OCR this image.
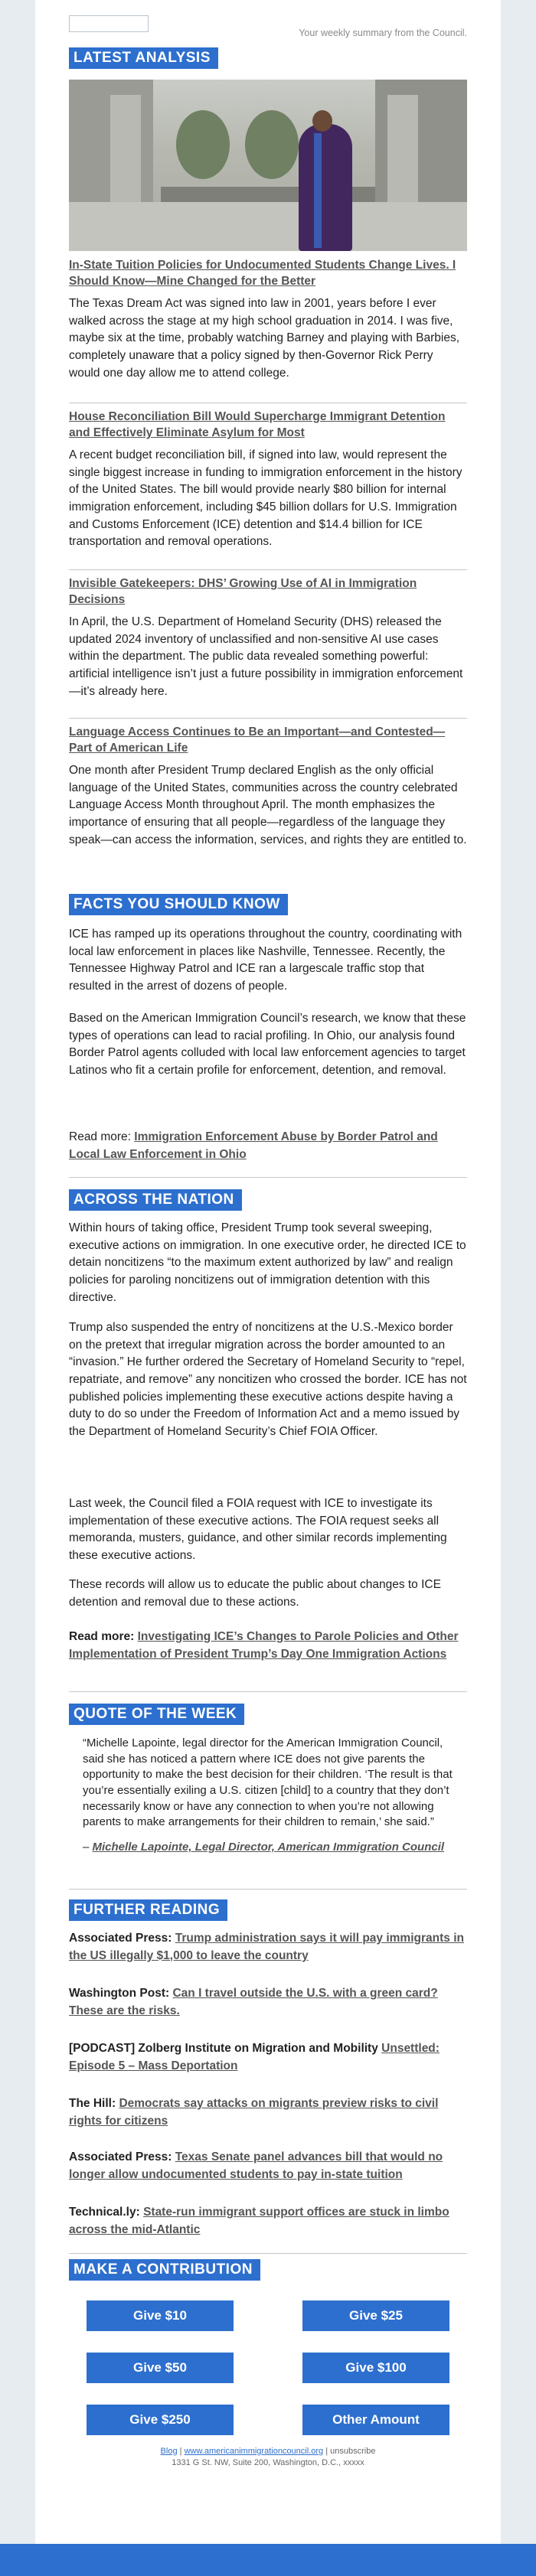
Your weekly summary from the Council.
LATEST ANALYSIS
In-State Tuition Policies for Undocumented Students Change Lives. I Should Know—Mine Changed for the Better
The Texas Dream Act was signed into law in 2001, years before I ever walked across the stage at my high school graduation in 2014. I was five, maybe six at the time, probably watching Barney and playing with Barbies, completely unaware that a policy signed by then-Governor Rick Perry would one day allow me to attend college.
House Reconciliation Bill Would Supercharge Immigrant Detention and Effectively Eliminate Asylum for Most
A recent budget reconciliation bill, if signed into law, would represent the single biggest increase in funding to immigration enforcement in the history of the United States. The bill would provide nearly $80 billion for internal immigration enforcement, including $45 billion dollars for U.S. Immigration and Customs Enforcement (ICE) detention and $14.4 billion for ICE transportation and removal operations.
Invisible Gatekeepers: DHS’ Growing Use of AI in Immigration Decisions
In April, the U.S. Department of Homeland Security (DHS) released the updated 2024 inventory of unclassified and non-sensitive AI use cases within the department. The public data revealed something powerful: artificial intelligence isn’t just a future possibility in immigration enforcement—it’s already here.
Language Access Continues to Be an Important—and Contested—Part of American Life
One month after President Trump declared English as the only official language of the United States, communities across the country celebrated Language Access Month throughout April. The month emphasizes the importance of ensuring that all people—regardless of the language they speak—can access the information, services, and rights they are entitled to.
FACTS YOU SHOULD KNOW
ICE has ramped up its operations throughout the country, coordinating with local law enforcement in places like Nashville, Tennessee. Recently, the Tennessee Highway Patrol and ICE ran a largescale traffic stop that resulted in the arrest of dozens of people.
Based on the American Immigration Council’s research, we know that these types of operations can lead to racial profiling. In Ohio, our analysis found Border Patrol agents colluded with local law enforcement agencies to target Latinos who fit a certain profile for enforcement, detention, and removal.
Read more: Immigration Enforcement Abuse by Border Patrol and Local Law Enforcement in Ohio
ACROSS THE NATION
Within hours of taking office, President Trump took several sweeping, executive actions on immigration. In one executive order, he directed ICE to detain noncitizens “to the maximum extent authorized by law” and realign policies for paroling noncitizens out of immigration detention with this directive.
Trump also suspended the entry of noncitizens at the U.S.-Mexico border on the pretext that irregular migration across the border amounted to an “invasion.” He further ordered the Secretary of Homeland Security to “repel, repatriate, and remove” any noncitizen who crossed the border. ICE has not published policies implementing these executive actions despite having a duty to do so under the Freedom of Information Act and a memo issued by the Department of Homeland Security’s Chief FOIA Officer.
Last week, the Council filed a FOIA request with ICE to investigate its implementation of these executive actions. The FOIA request seeks all memoranda, musters, guidance, and other similar records implementing these executive actions.
These records will allow us to educate the public about changes to ICE detention and removal due to these actions.
Read more: Investigating ICE’s Changes to Parole Policies and Other Implementation of President Trump’s Day One Immigration Actions
QUOTE OF THE WEEK
“Michelle Lapointe, legal director for the American Immigration Council, said she has noticed a pattern where ICE does not give parents the opportunity to make the best decision for their children. ‘The result is that you’re essentially exiling a U.S. citizen [child] to a country that they don’t necessarily know or have any connection to when you’re not allowing parents to make arrangements for their children to remain,’ she said.”
– Michelle Lapointe, Legal Director, American Immigration Council
FURTHER READING
Associated Press: Trump administration says it will pay immigrants in the US illegally $1,000 to leave the country
Washington Post: Can I travel outside the U.S. with a green card? These are the risks.
[PODCAST] Zolberg Institute on Migration and Mobility Unsettled: Episode 5 – Mass Deportation
The Hill: Democrats say attacks on migrants preview risks to civil rights for citizens
Associated Press: Texas Senate panel advances bill that would no longer allow undocumented students to pay in-state tuition
Technical.ly: State-run immigrant support offices are stuck in limbo across the mid-Atlantic
MAKE A CONTRIBUTION
Give $10	Give $25
Give $50	Give $100
Give $250	Other Amount
Blog | www.americanimmigrationcouncil.org | unsubscribe
1331 G St. NW, Suite 200, Washington, D.C., xxxxx
